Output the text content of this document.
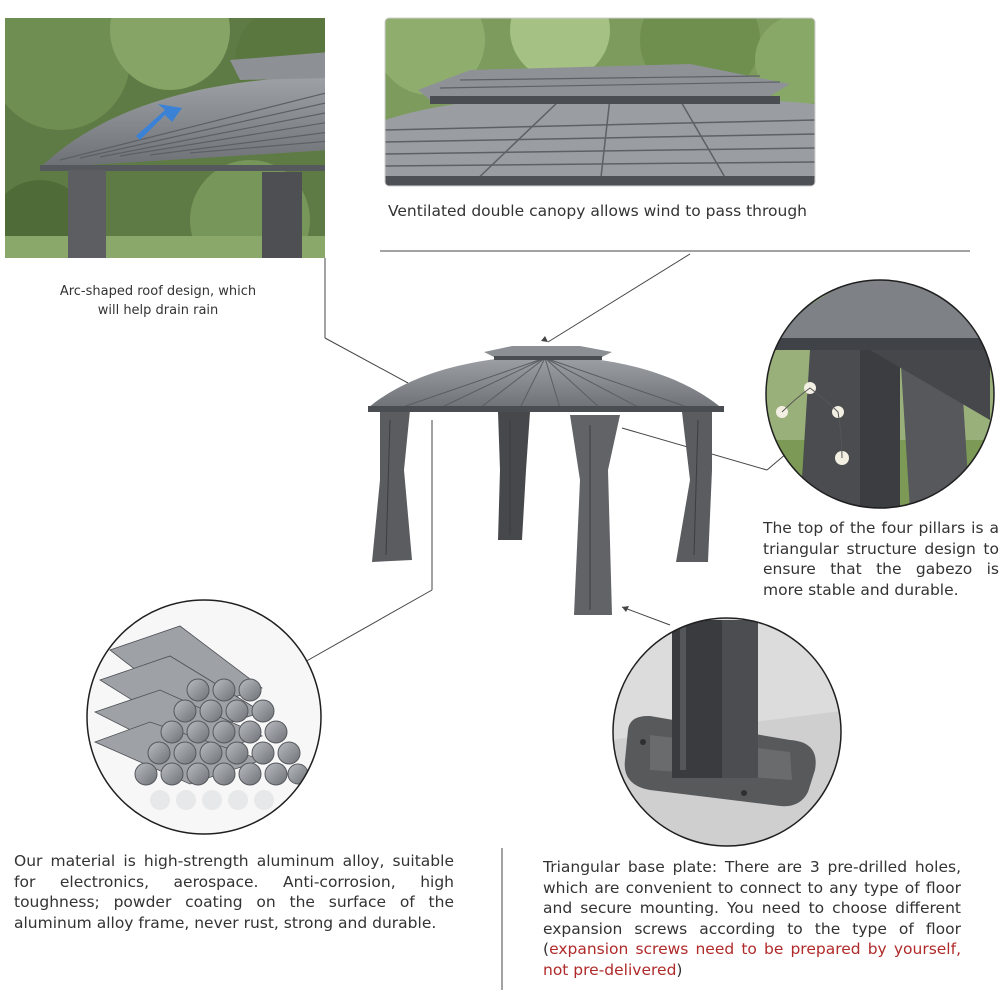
Arc-shaped roof design, which will help drain rain
Ventilated double canopy allows wind to pass through
The top of the four pillars is a triangular structure design to ensure that the gabezo is more stable and durable.
Our material is high-strength aluminum alloy, suitable for electronics, aerospace. Anti-corrosion, high toughness; powder coating on the surface of the aluminum alloy frame, never rust, strong and durable.
Triangular base plate: There are 3 pre-drilled holes, which are convenient to connect to any type of floor and secure mounting. You need to choose different expansion screws according to the type of floor (expansion screws need to be prepared by yourself, not pre-delivered)
